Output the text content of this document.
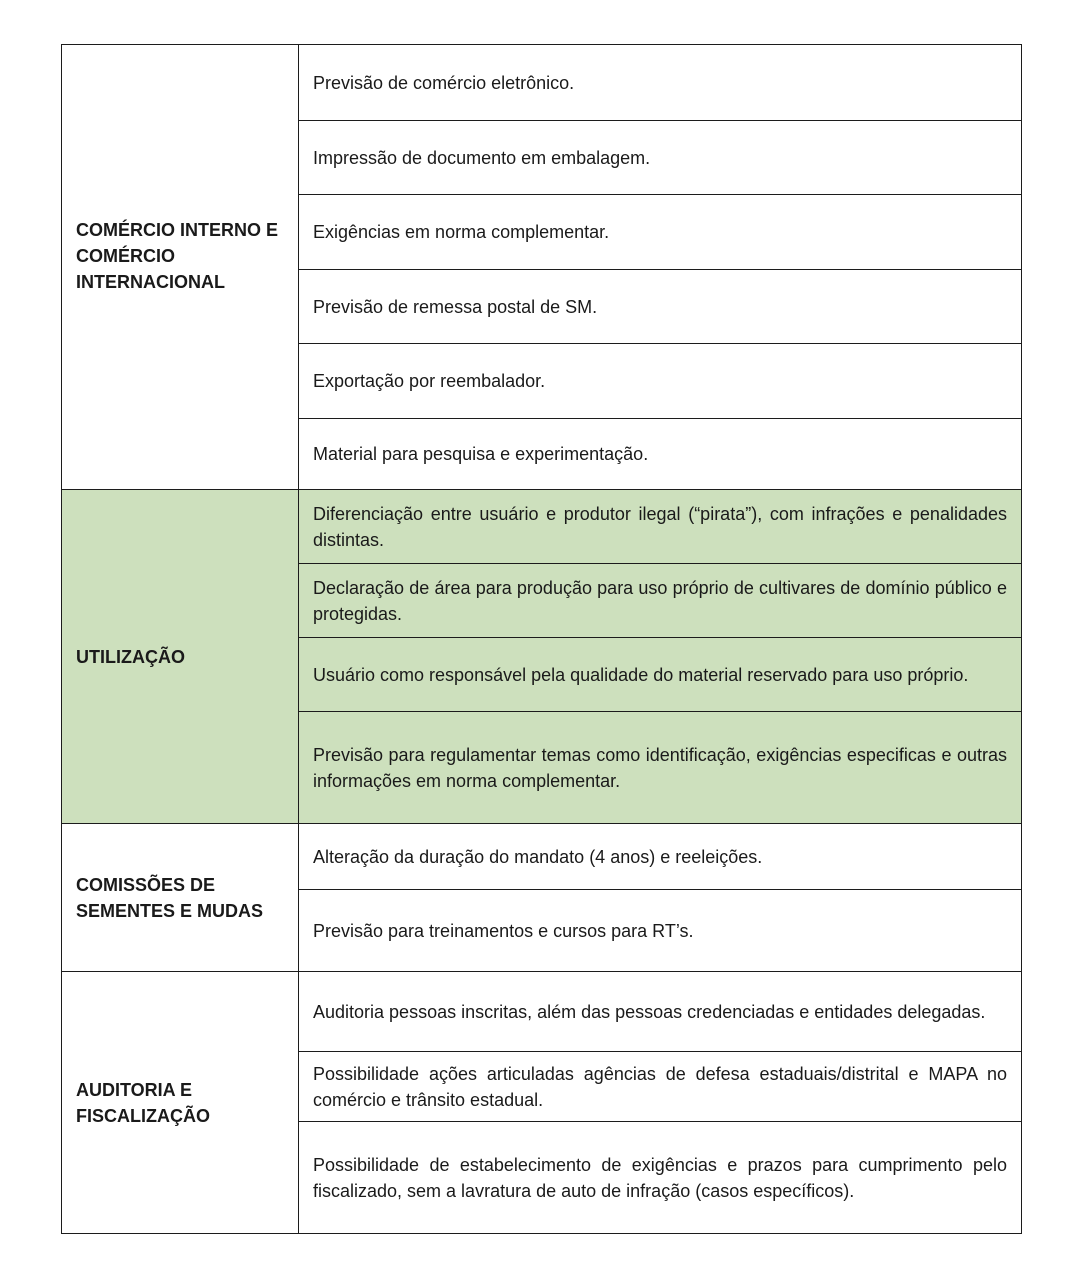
COMÉRCIO INTERNO E COMÉRCIO INTERNACIONAL	Previsão de comércio eletrônico.
	Impressão de documento em embalagem.
	Exigências em norma complementar.
	Previsão de remessa postal de SM.
	Exportação por reembalador.
	Material para pesquisa e experimentação.
UTILIZAÇÃO	Diferenciação entre usuário e produtor ilegal (“pirata”), com infrações e penalidades distintas.
	Declaração de área para produção para uso próprio de cultivares de domínio público e protegidas.
	Usuário como responsável pela qualidade do material reservado para uso próprio.
	Previsão para regulamentar temas como identificação, exigências especificas e outras informações em norma complementar.
COMISSÕES DE SEMENTES E MUDAS	Alteração da duração do mandato (4 anos) e reeleições.
	Previsão para treinamentos e cursos para RT’s.
AUDITORIA E FISCALIZAÇÃO	Auditoria pessoas inscritas, além das pessoas credenciadas e entidades delegadas.
	Possibilidade ações articuladas agências de defesa estaduais/distrital e MAPA no comércio e trânsito estadual.
	Possibilidade de estabelecimento de exigências e prazos para cumprimento pelo fiscalizado, sem a lavratura de auto de infração (casos específicos).
